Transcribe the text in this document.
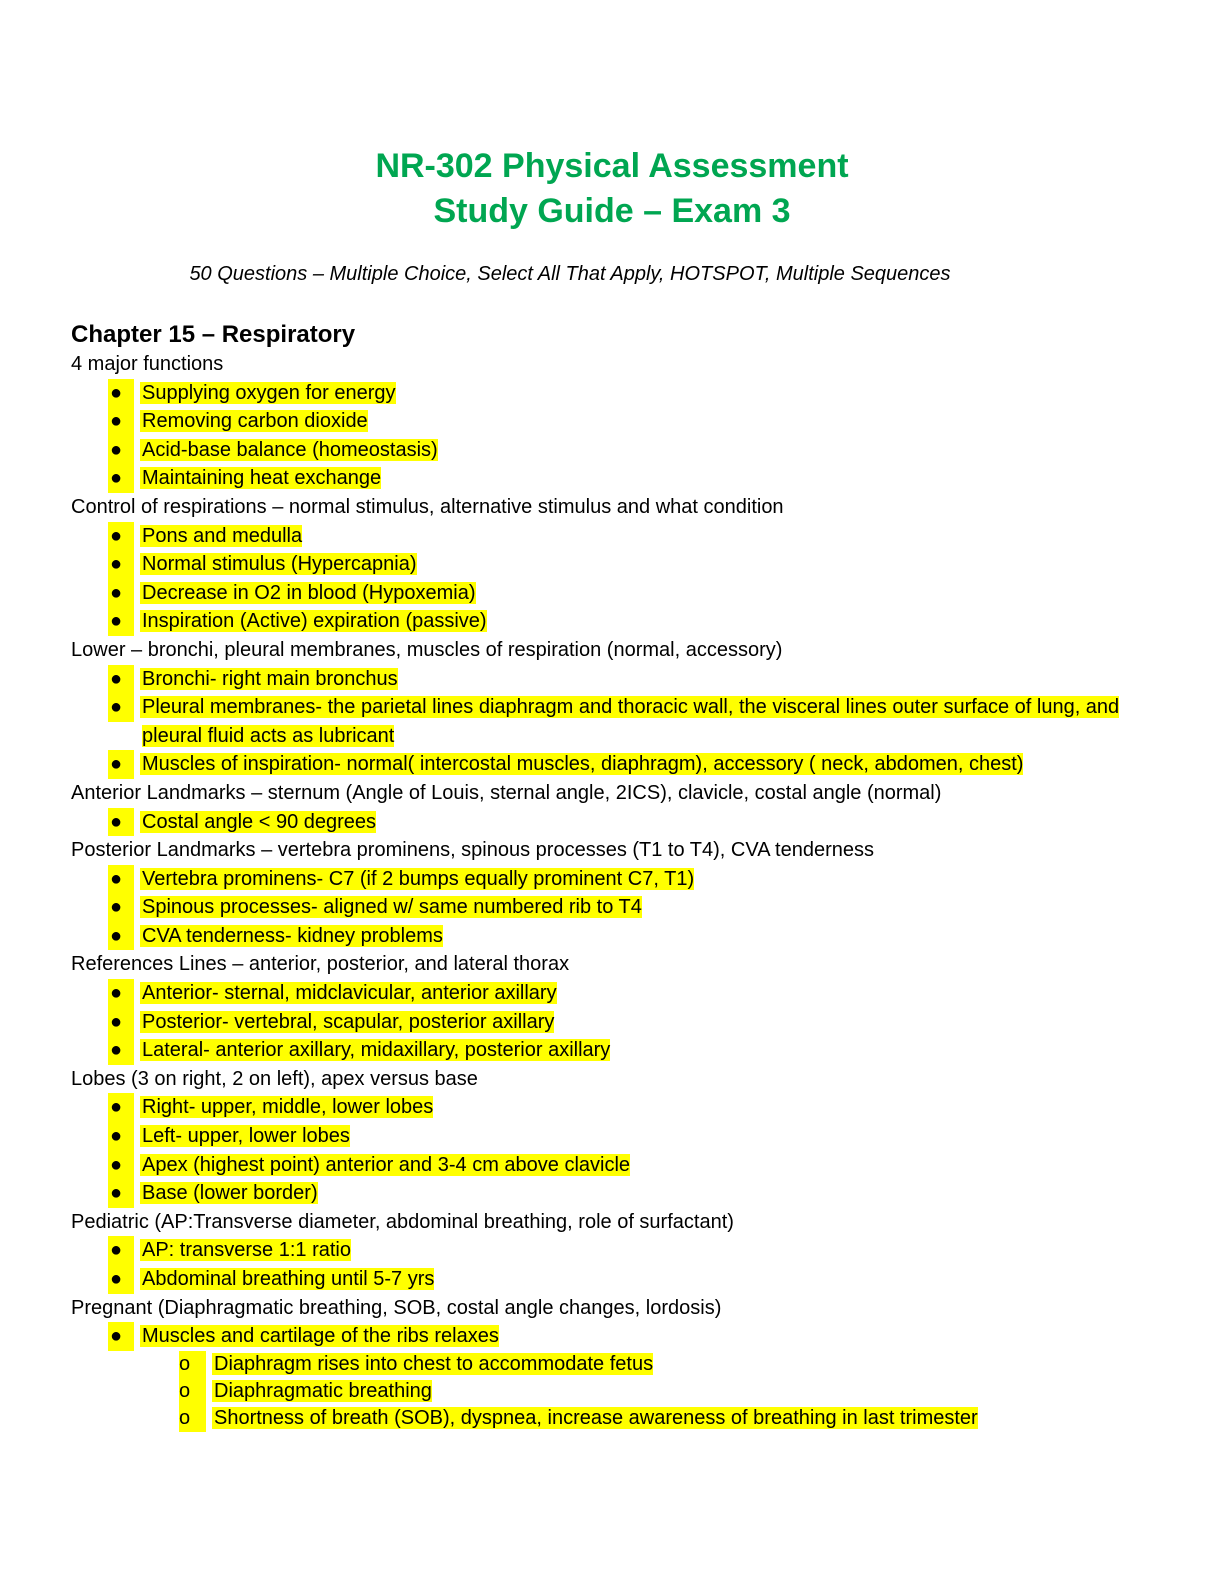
NR-302 Physical Assessment
Study Guide – Exam 3
50 Questions – Multiple Choice, Select All That Apply, HOTSPOT, Multiple Sequences
Chapter 15 – Respiratory
4 major functions
● Supplying oxygen for energy
● Removing carbon dioxide
● Acid-base balance (homeostasis)
● Maintaining heat exchange
Control of respirations – normal stimulus, alternative stimulus and what condition
● Pons and medulla
● Normal stimulus (Hypercapnia)
● Decrease in O2 in blood (Hypoxemia)
● Inspiration (Active) expiration (passive)
Lower – bronchi, pleural membranes, muscles of respiration (normal, accessory)
● Bronchi- right main bronchus
● Pleural membranes- the parietal lines diaphragm and thoracic wall, the visceral lines outer surface of lung, and pleural fluid acts as lubricant
● Muscles of inspiration- normal( intercostal muscles, diaphragm), accessory ( neck, abdomen, chest)
Anterior Landmarks – sternum (Angle of Louis, sternal angle, 2ICS), clavicle, costal angle (normal)
● Costal angle < 90 degrees
Posterior Landmarks – vertebra prominens, spinous processes (T1 to T4), CVA tenderness
● Vertebra prominens- C7 (if 2 bumps equally prominent C7, T1)
● Spinous processes- aligned w/ same numbered rib to T4
● CVA tenderness- kidney problems
References Lines – anterior, posterior, and lateral thorax
● Anterior- sternal, midclavicular, anterior axillary
● Posterior- vertebral, scapular, posterior axillary
● Lateral- anterior axillary, midaxillary, posterior axillary
Lobes (3 on right, 2 on left), apex versus base
● Right- upper, middle, lower lobes
● Left- upper, lower lobes
● Apex (highest point) anterior and 3-4 cm above clavicle
● Base (lower border)
Pediatric (AP:Transverse diameter, abdominal breathing, role of surfactant)
● AP: transverse 1:1 ratio
● Abdominal breathing until 5-7 yrs
Pregnant (Diaphragmatic breathing, SOB, costal angle changes, lordosis)
● Muscles and cartilage of the ribs relaxes
o	Diaphragm rises into chest to accommodate fetus
o	Diaphragmatic breathing
o	Shortness of breath (SOB), dyspnea, increase awareness of breathing in last trimester
